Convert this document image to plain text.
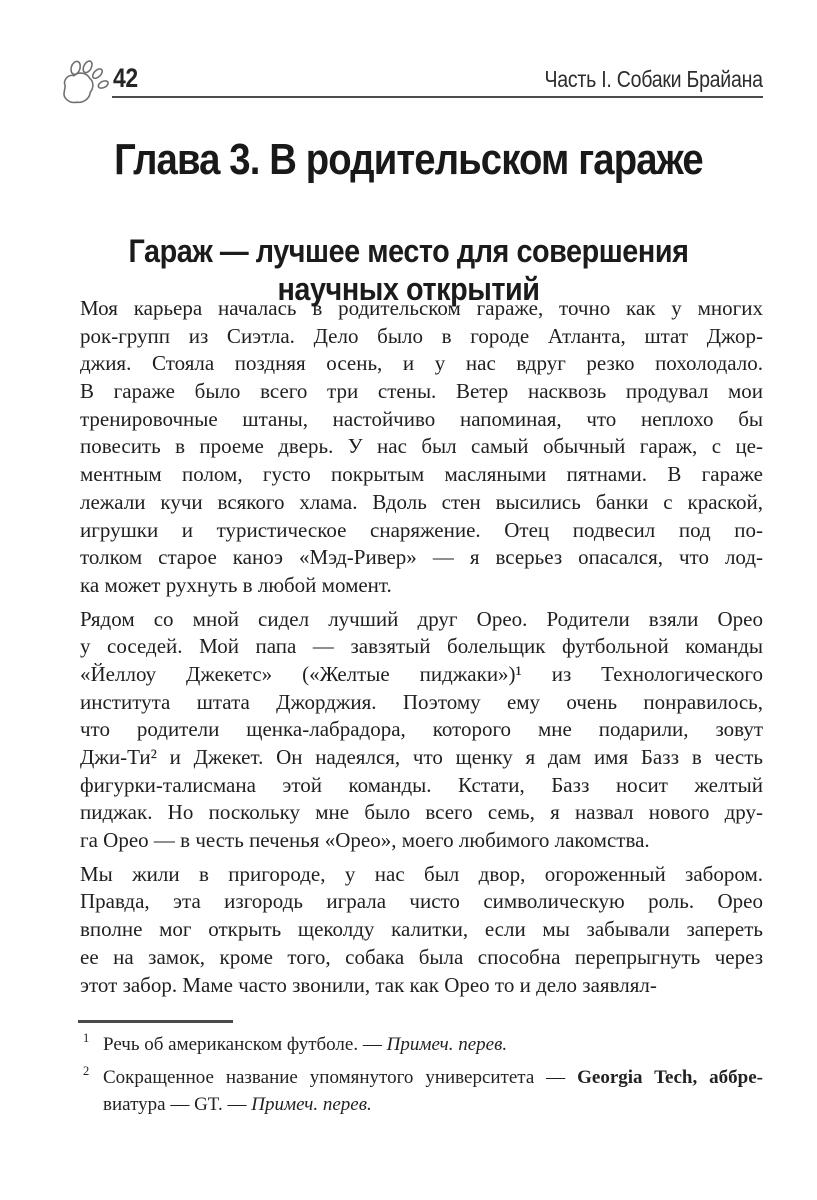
42	Часть I. Собаки Брайана
Глава 3. В родительском гараже
Гараж — лучшее место для совершения
научных открытий
Моя карьера началась в родительском гараже, точно как у многих
рок-групп из Сиэтла. Дело было в городе Атланта, штат Джор-
джия. Стояла поздняя осень, и у нас вдруг резко похолодало.
В гараже было всего три стены. Ветер насквозь продувал мои
тренировочные штаны, настойчиво напоминая, что неплохо бы
повесить в проеме дверь. У нас был самый обычный гараж, с це-
ментным полом, густо покрытым масляными пятнами. В гараже
лежали кучи всякого хлама. Вдоль стен высились банки с краской,
игрушки и туристическое снаряжение. Отец подвесил под по-
толком старое каноэ «Мэд-Ривер» — я всерьез опасался, что лод-
ка может рухнуть в любой момент.
Рядом со мной сидел лучший друг Орео. Родители взяли Орео
у соседей. Мой папа — завзятый болельщик футбольной команды
«Йеллоу Джекетс» («Желтые пиджаки»)¹ из Технологического
института штата Джорджия. Поэтому ему очень понравилось,
что родители щенка-лабрадора, которого мне подарили, зовут
Джи-Ти² и Джекет. Он надеялся, что щенку я дам имя Базз в честь
фигурки-талисмана этой команды. Кстати, Базз носит желтый
пиджак. Но поскольку мне было всего семь, я назвал нового дру-
га Орео — в честь печенья «Орео», моего любимого лакомства.
Мы жили в пригороде, у нас был двор, огороженный забором.
Правда, эта изгородь играла чисто символическую роль. Орео
вполне мог открыть щеколду калитки, если мы забывали запереть
ее на замок, кроме того, собака была способна перепрыгнуть через
этот забор. Маме часто звонили, так как Орео то и дело заявлял-
1 Речь об американском футболе. — Примеч. перев.
2 Сокращенное название упомянутого университета — Georgia Tech, аббре-
виатура — GT. — Примеч. перев.
